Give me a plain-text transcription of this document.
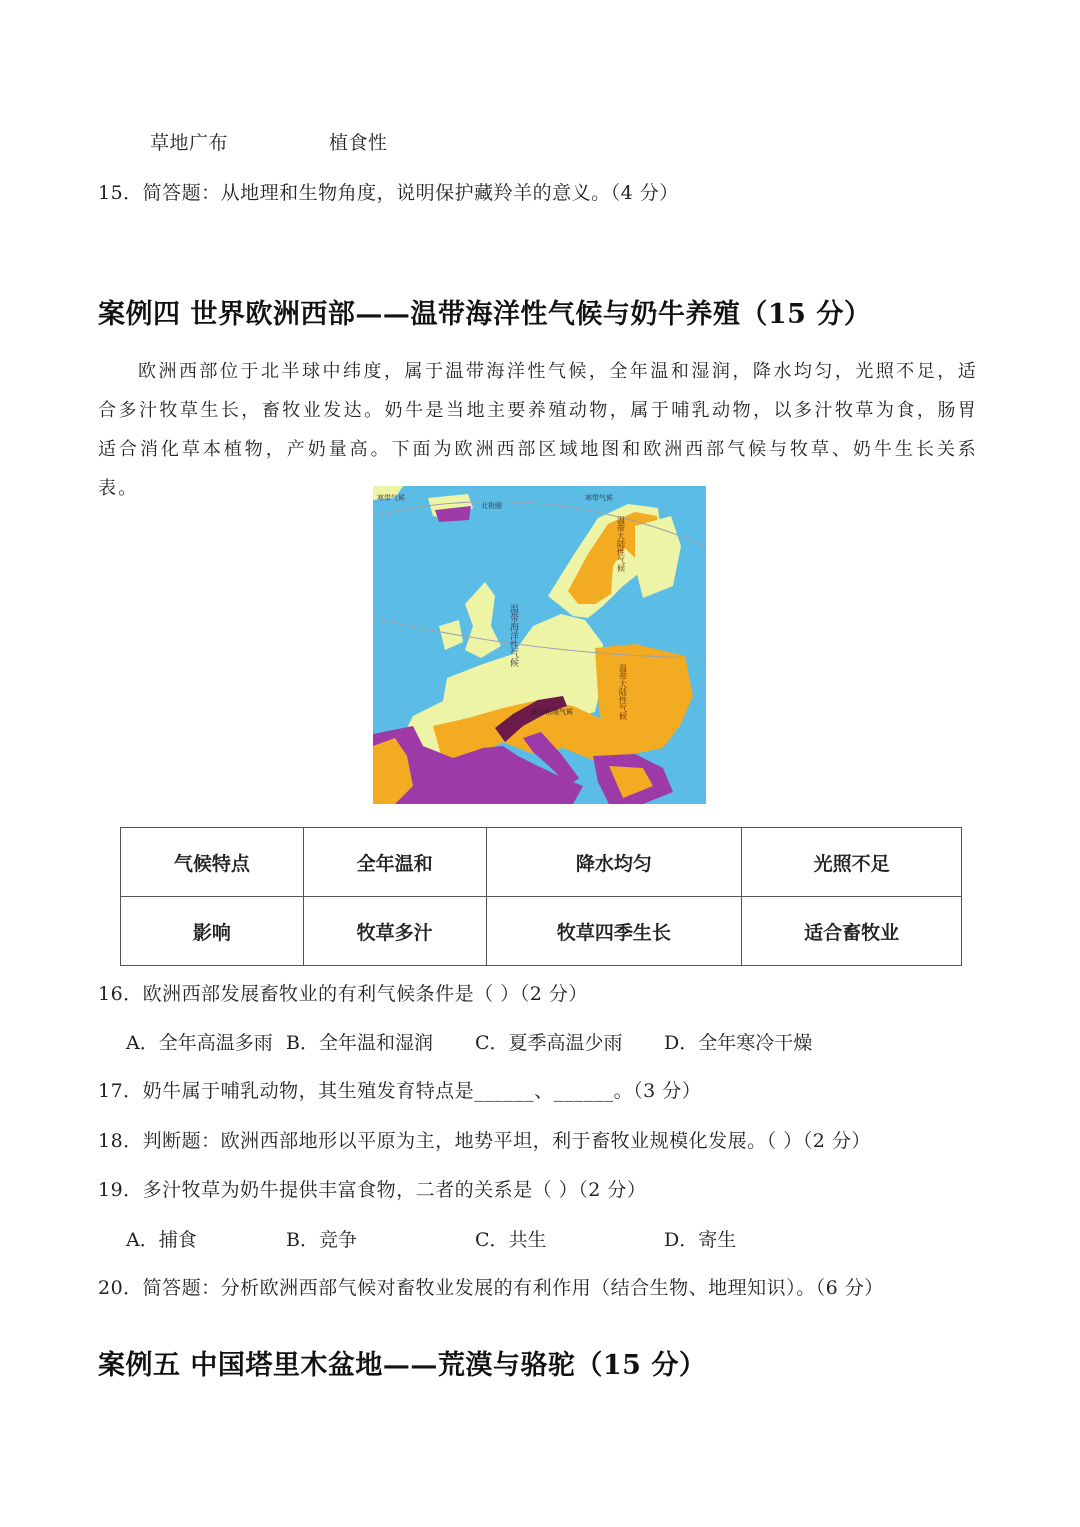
草地广布	植食性
15．简答题：从地理和生物角度，说明保护藏羚羊的意义。（4 分）
案例四 世界欧洲西部——温带海洋性气候与奶牛养殖（15 分）
欧洲西部位于北半球中纬度，属于温带海洋性气候，全年温和湿润，降水均匀，光照不足，适合多汁牧草生长，畜牧业发达。奶牛是当地主要养殖动物，属于哺乳动物，以多汁牧草为食，肠胃适合消化草本植物，产奶量高。下面为欧洲西部区域地图和欧洲西部气候与牧草、奶牛生长关系表。	寒带气候	寒带气候
北极圈
温带大陆性气候
温带海洋性气候
高山山地气候	温带大陆性气候
气候特点	全年温和	降水均匀	光照不足
影响	牧草多汁	牧草四季生长	适合畜牧业
16．欧洲西部发展畜牧业的有利气候条件是（ ）（2 分）
A．全年高温多雨 B．全年温和湿润 C．夏季高温少雨 D．全年寒冷干燥
17．奶牛属于哺乳动物，其生殖发育特点是______、______。（3 分）
18．判断题：欧洲西部地形以平原为主，地势平坦，利于畜牧业规模化发展。（ ）（2 分）
19．多汁牧草为奶牛提供丰富食物，二者的关系是（ ）（2 分）
A．捕食	B．竞争	C．共生	D．寄生
20．简答题：分析欧洲西部气候对畜牧业发展的有利作用（结合生物、地理知识）。（6 分）
案例五 中国塔里木盆地——荒漠与骆驼（15 分）
